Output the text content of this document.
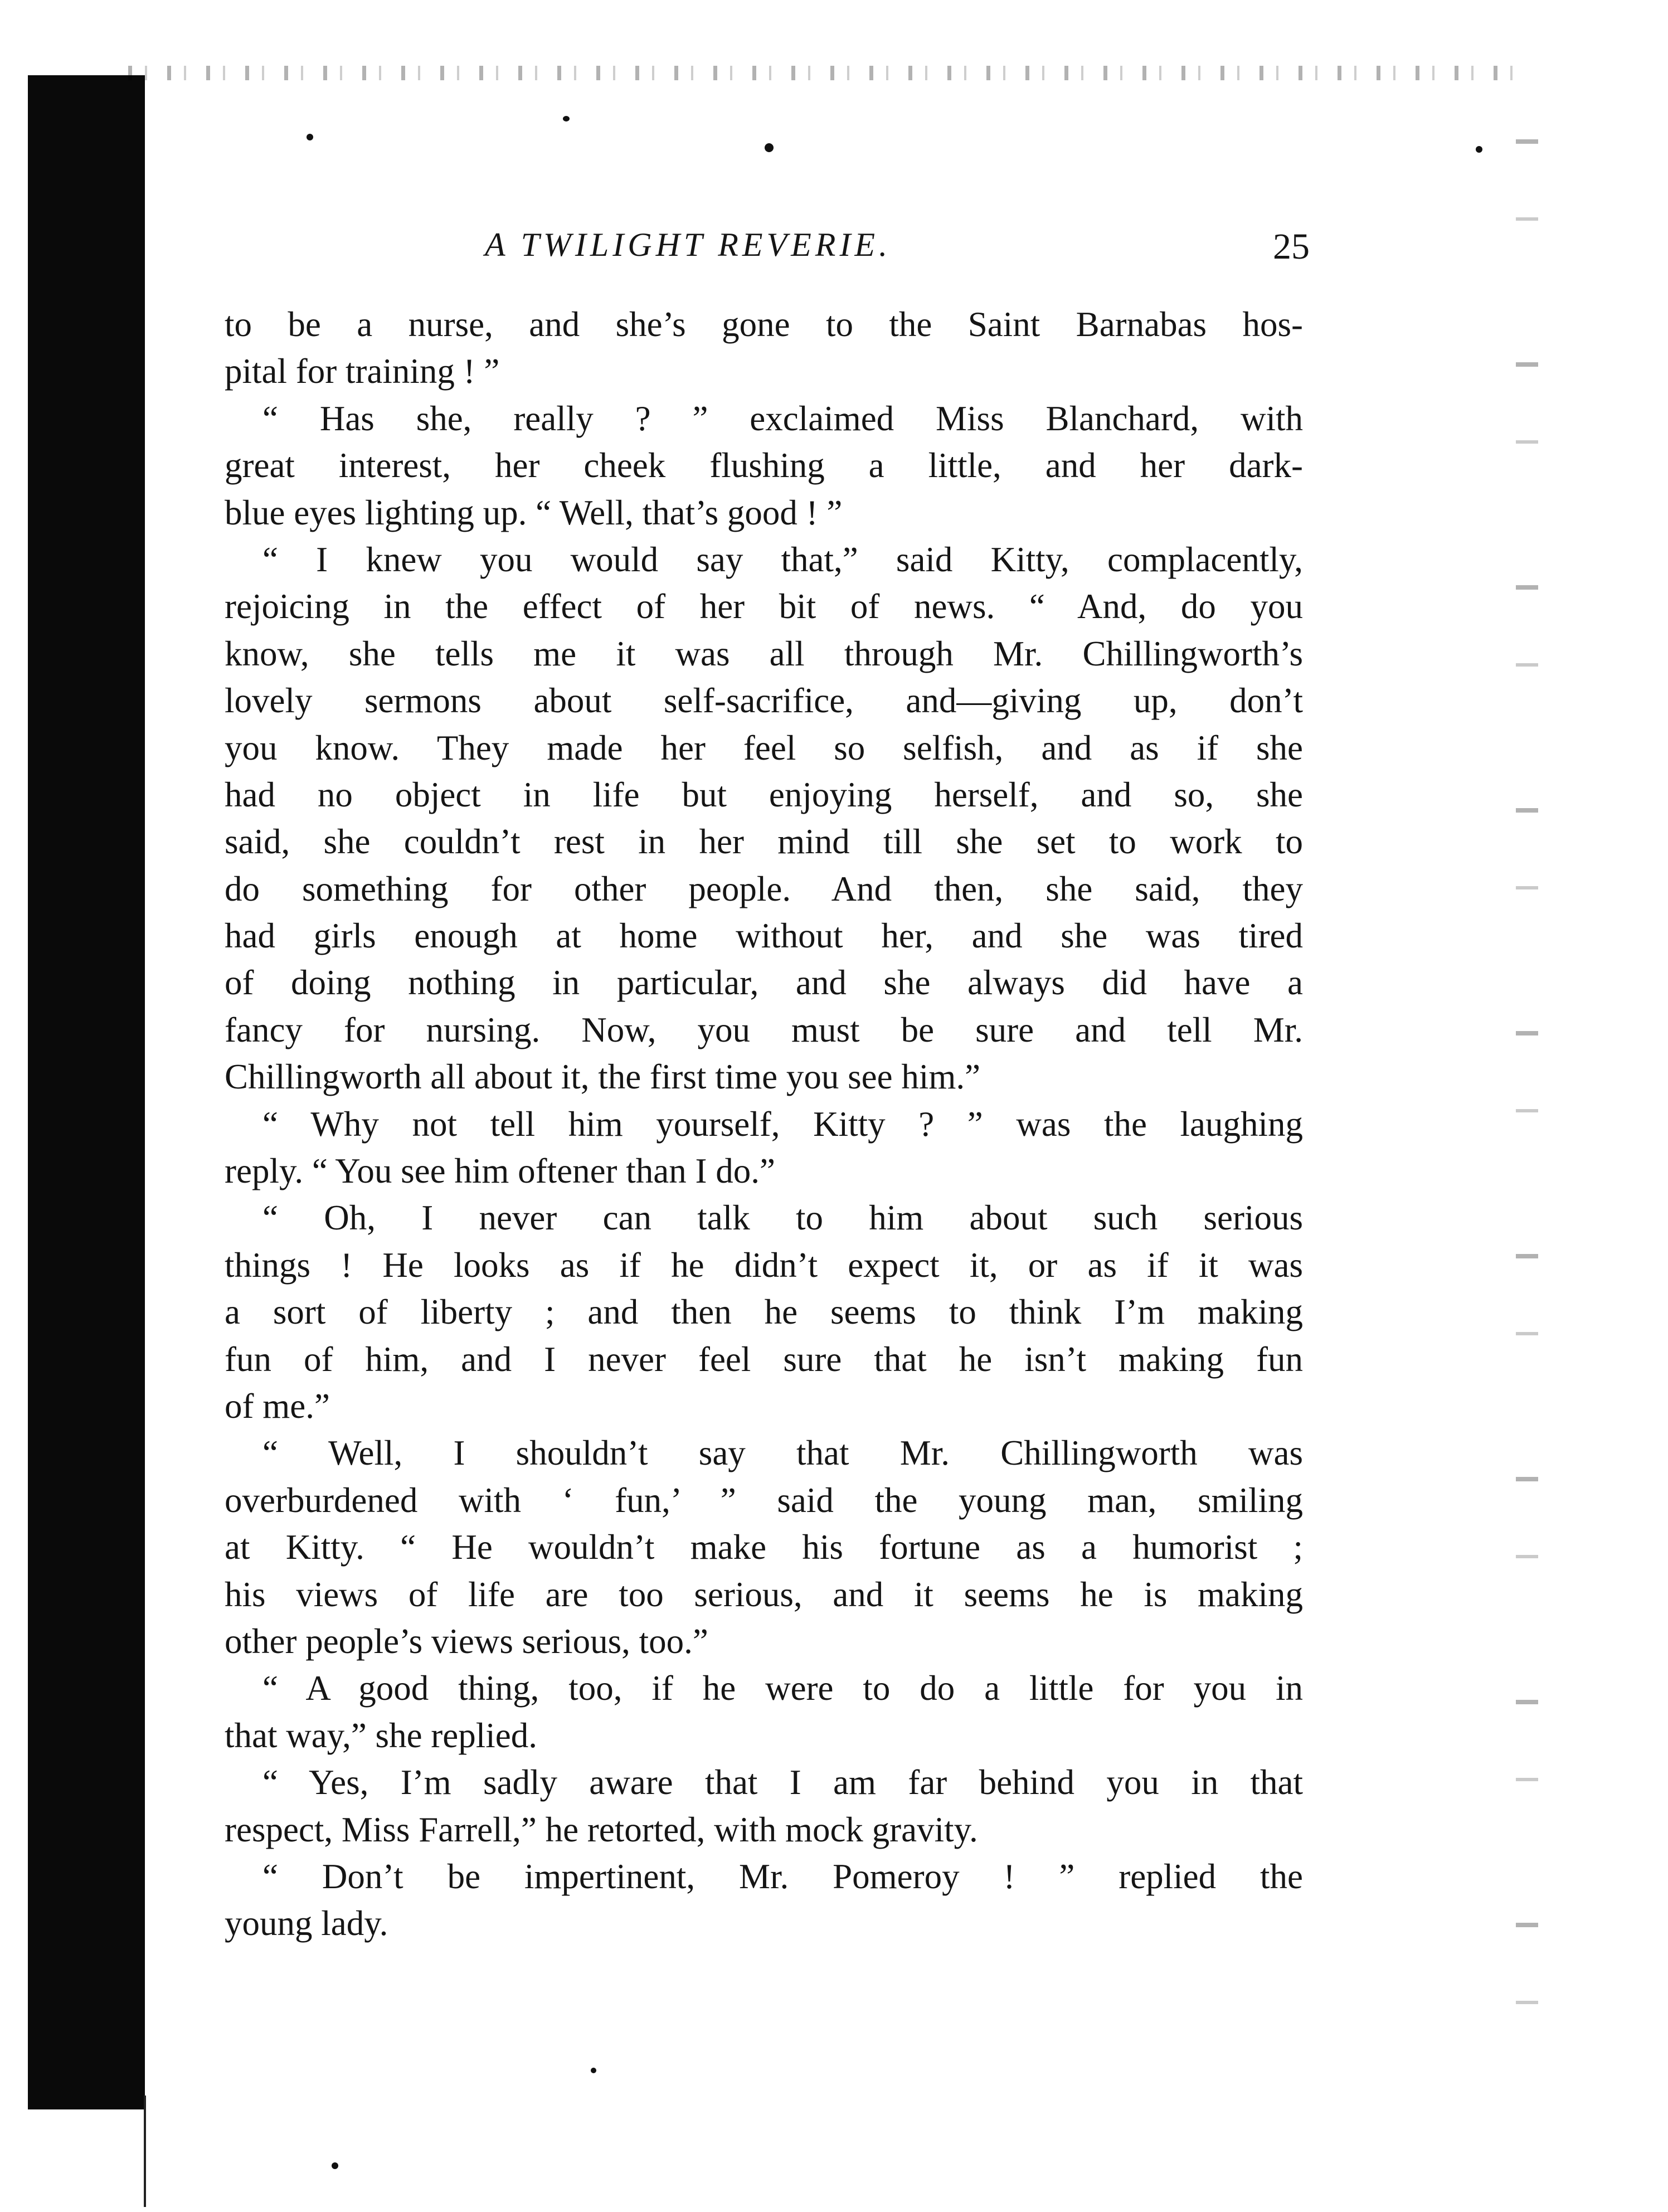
A TWILIGHT REVERIE.	25
to be a nurse, and she’s gone to the Saint Barnabas hos-
pital for training ! ”
“ Has she, really ? ” exclaimed Miss Blanchard, with
great interest, her cheek flushing a little, and her dark-
blue eyes lighting up. “ Well, that’s good ! ”
“ I knew you would say that,” said Kitty, complacently,
rejoicing in the effect of her bit of news. “ And, do you
know, she tells me it was all through Mr. Chillingworth’s
lovely sermons about self-sacrifice, and—giving up, don’t
you know. They made her feel so selfish, and as if she
had no object in life but enjoying herself, and so, she
said, she couldn’t rest in her mind till she set to work to
do something for other people. And then, she said, they
had girls enough at home without her, and she was tired
of doing nothing in particular, and she always did have a
fancy for nursing. Now, you must be sure and tell Mr.
Chillingworth all about it, the first time you see him.”
“ Why not tell him yourself, Kitty ? ” was the laughing
reply. “ You see him oftener than I do.”
“ Oh, I never can talk to him about such serious
things ! He looks as if he didn’t expect it, or as if it was
a sort of liberty ; and then he seems to think I’m making
fun of him, and I never feel sure that he isn’t making fun
of me.”
“ Well, I shouldn’t say that Mr. Chillingworth was
overburdened with ‘ fun,’ ” said the young man, smiling
at Kitty. “ He wouldn’t make his fortune as a humorist ;
his views of life are too serious, and it seems he is making
other people’s views serious, too.”
“ A good thing, too, if he were to do a little for you in
that way,” she replied.
“ Yes, I’m sadly aware that I am far behind you in that
respect, Miss Farrell,” he retorted, with mock gravity.
“ Don’t be impertinent, Mr. Pomeroy ! ” replied the
young lady.
